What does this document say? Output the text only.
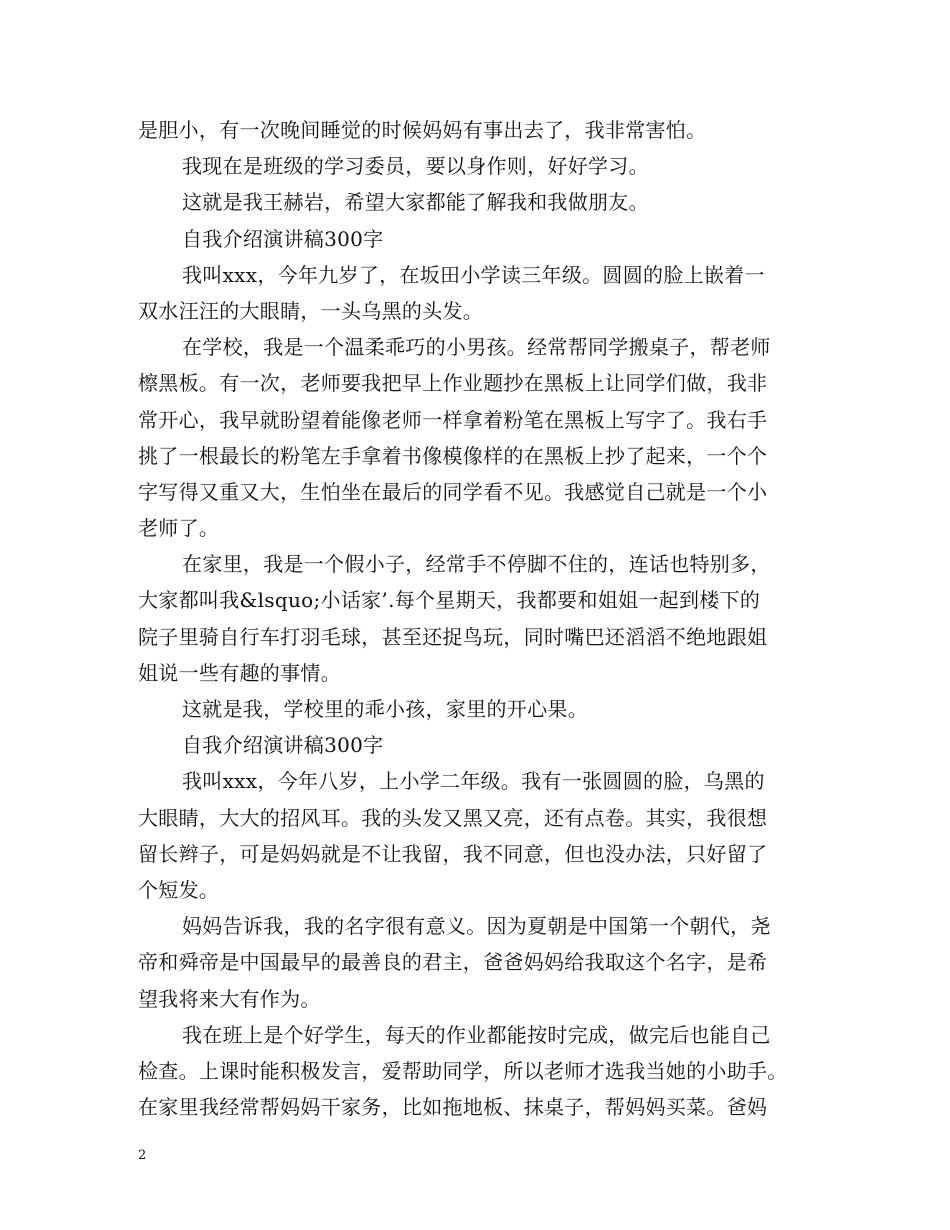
是胆小，有一次晚间睡觉的时候妈妈有事出去了，我非常害怕。
我现在是班级的学习委员，要以身作则，好好学习。
这就是我王赫岩，希望大家都能了解我和我做朋友。
自我介绍演讲稿300字
我叫xxx，今年九岁了，在坂田小学读三年级。圆圆的脸上嵌着一
双水汪汪的大眼睛，一头乌黑的头发。
在学校，我是一个温柔乖巧的小男孩。经常帮同学搬桌子，帮老师
檫黑板。有一次，老师要我把早上作业题抄在黑板上让同学们做，我非
常开心，我早就盼望着能像老师一样拿着粉笔在黑板上写字了。我右手
挑了一根最长的粉笔左手拿着书像模像样的在黑板上抄了起来，一个个
字写得又重又大，生怕坐在最后的同学看不见。我感觉自己就是一个小
老师了。
在家里，我是一个假小子，经常手不停脚不住的，连话也特别多，
大家都叫我&lsquo;小话家’.每个星期天，我都要和姐姐一起到楼下的
院子里骑自行车打羽毛球，甚至还捉鸟玩，同时嘴巴还滔滔不绝地跟姐
姐说一些有趣的事情。
这就是我，学校里的乖小孩，家里的开心果。
自我介绍演讲稿300字
我叫xxx，今年八岁，上小学二年级。我有一张圆圆的脸，乌黑的
大眼睛，大大的招风耳。我的头发又黑又亮，还有点卷。其实，我很想
留长辫子，可是妈妈就是不让我留，我不同意，但也没办法，只好留了
个短发。
妈妈告诉我，我的名字很有意义。因为夏朝是中国第一个朝代，尧
帝和舜帝是中国最早的最善良的君主，爸爸妈妈给我取这个名字，是希
望我将来大有作为。
我在班上是个好学生，每天的作业都能按时完成，做完后也能自己
检查。上课时能积极发言，爱帮助同学，所以老师才选我当她的小助手。
在家里我经常帮妈妈干家务，比如拖地板、抹桌子，帮妈妈买菜。爸妈
2
